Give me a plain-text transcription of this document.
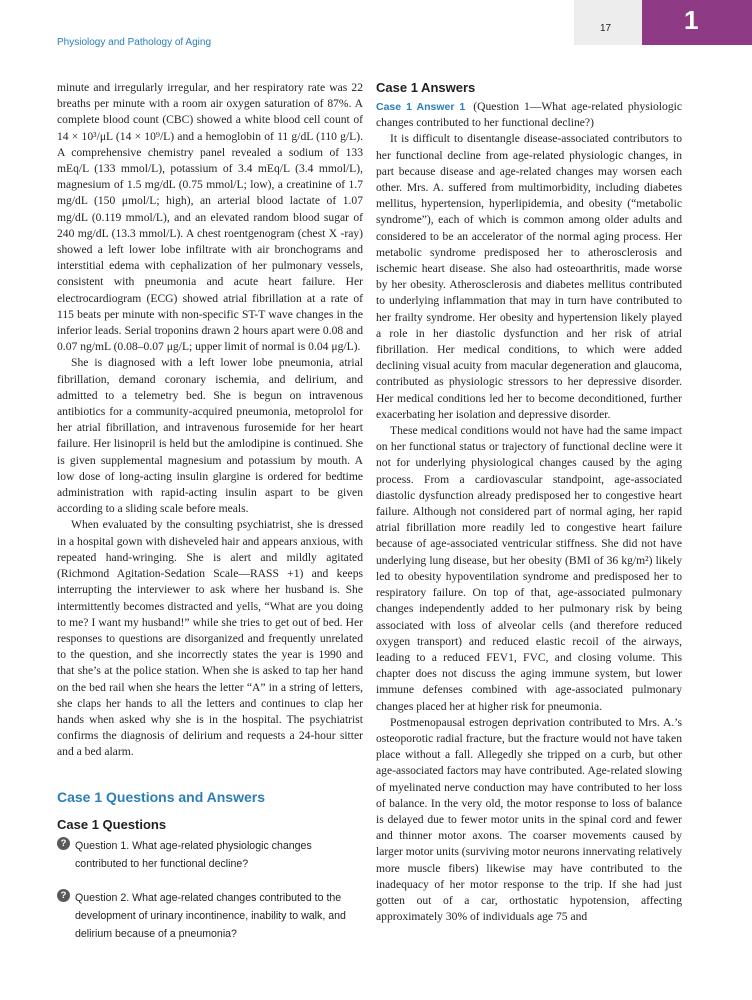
Physiology and Pathology of Aging
17	1

minute and irregularly irregular, and her respiratory rate was 22 breaths per minute with a room air oxygen saturation of 87%. A complete blood count (CBC) showed a white blood cell count of 14 × 10³/μL (14 × 10⁹/L) and a hemoglobin of 11 g/dL (110 g/L). A comprehensive chemistry panel revealed a sodium of 133 mEq/L (133 mmol/L), potassium of 3.4 mEq/L (3.4 mmol/L), magnesium of 1.5 mg/dL (0.75 mmol/L; low), a creatinine of 1.7 mg/dL (150 μmol/L; high), an arterial blood lactate of 1.07 mg/dL (0.119 mmol/L), and an elevated random blood sugar of 240 mg/dL (13.3 mmol/L). A chest roentgenogram (chest X -ray) showed a left lower lobe infiltrate with air bronchograms and interstitial edema with cephalization of her pulmonary vessels, consistent with pneumonia and acute heart failure. Her electrocardiogram (ECG) showed atrial fibrillation at a rate of 115 beats per minute with non-specific ST-T wave changes in the inferior leads. Serial troponins drawn 2 hours apart were 0.08 and 0.07 ng/mL (0.08–0.07 μg/L; upper limit of normal is 0.04 μg/L).

She is diagnosed with a left lower lobe pneumonia, atrial fibrillation, demand coronary ischemia, and delirium, and admitted to a telemetry bed. She is begun on intravenous antibiotics for a community-acquired pneumonia, metoprolol for her atrial fibrillation, and intravenous furosemide for her heart failure. Her lisinopril is held but the amlodipine is continued. She is given supplemental magnesium and potassium by mouth. A low dose of long-acting insulin glargine is ordered for bedtime administration with rapid-acting insulin aspart to be given according to a sliding scale before meals.

When evaluated by the consulting psychiatrist, she is dressed in a hospital gown with disheveled hair and appears anxious, with repeated hand-wringing. She is alert and mildly agitated (Richmond Agitation-Sedation Scale—RASS +1) and keeps interrupting the interviewer to ask where her husband is. She intermittently becomes distracted and yells, “What are you doing to me? I want my husband!” while she tries to get out of bed. Her responses to questions are disorganized and frequently unrelated to the question, and she incorrectly states the year is 1990 and that she’s at the police station. When she is asked to tap her hand on the bed rail when she hears the letter “A” in a string of letters, she claps her hands to all the letters and continues to clap her hands when asked why she is in the hospital. The psychiatrist confirms the diagnosis of delirium and requests a 24-hour sitter and a bed alarm.

Case 1 Questions and Answers
Case 1 Questions
? Question 1. What age-related physiologic changes contributed to her functional decline?
? Question 2. What age-related changes contributed to the development of urinary incontinence, inability to walk, and delirium because of a pneumonia?
Case 1 Answers

Case 1 Answer 1 (Question 1—What age-related physiologic changes contributed to her functional decline?)

It is difficult to disentangle disease-associated contributors to her functional decline from age-related physiologic changes, in part because disease and age-related changes may worsen each other. Mrs. A. suffered from multimorbidity, including diabetes mellitus, hypertension, hyperlipidemia, and obesity (“metabolic syndrome”), each of which is common among older adults and considered to be an accelerator of the normal aging process. Her metabolic syndrome predisposed her to atherosclerosis and ischemic heart disease. She also had osteoarthritis, made worse by her obesity. Atherosclerosis and diabetes mellitus contributed to underlying inflammation that may in turn have contributed to her frailty syndrome. Her obesity and hypertension likely played a role in her diastolic dysfunction and her risk of atrial fibrillation. Her medical conditions, to which were added declining visual acuity from macular degeneration and glaucoma, contributed as physiologic stressors to her depressive disorder. Her medical conditions led her to become deconditioned, further exacerbating her isolation and depressive disorder.

These medical conditions would not have had the same impact on her functional status or trajectory of functional decline were it not for underlying physiological changes caused by the aging process. From a cardiovascular standpoint, age-associated diastolic dysfunction already predisposed her to congestive heart failure. Although not considered part of normal aging, her rapid atrial fibrillation more readily led to congestive heart failure because of age-associated ventricular stiffness. She did not have underlying lung disease, but her obesity (BMI of 36 kg/m²) likely led to obesity hypoventilation syndrome and predisposed her to respiratory failure. On top of that, age-associated pulmonary changes independently added to her pulmonary risk by being associated with loss of alveolar cells (and therefore reduced oxygen transport) and reduced elastic recoil of the airways, leading to a reduced FEV1, FVC, and closing volume. This chapter does not discuss the aging immune system, but lower immune defenses combined with age-associated pulmonary changes placed her at higher risk for pneumonia.

Postmenopausal estrogen deprivation contributed to Mrs. A.’s osteoporotic radial fracture, but the fracture would not have taken place without a fall. Allegedly she tripped on a curb, but other age-associated factors may have contributed. Age-related slowing of myelinated nerve conduction may have contributed to her loss of balance. In the very old, the motor response to loss of balance is delayed due to fewer motor units in the spinal cord and fewer and thinner motor axons. The coarser movements caused by larger motor units (surviving motor neurons innervating relatively more muscle fibers) likewise may have contributed to the inadequacy of her motor response to the trip. If she had just gotten out of a car, orthostatic hypotension, affecting approximately 30% of individuals age 75 and
